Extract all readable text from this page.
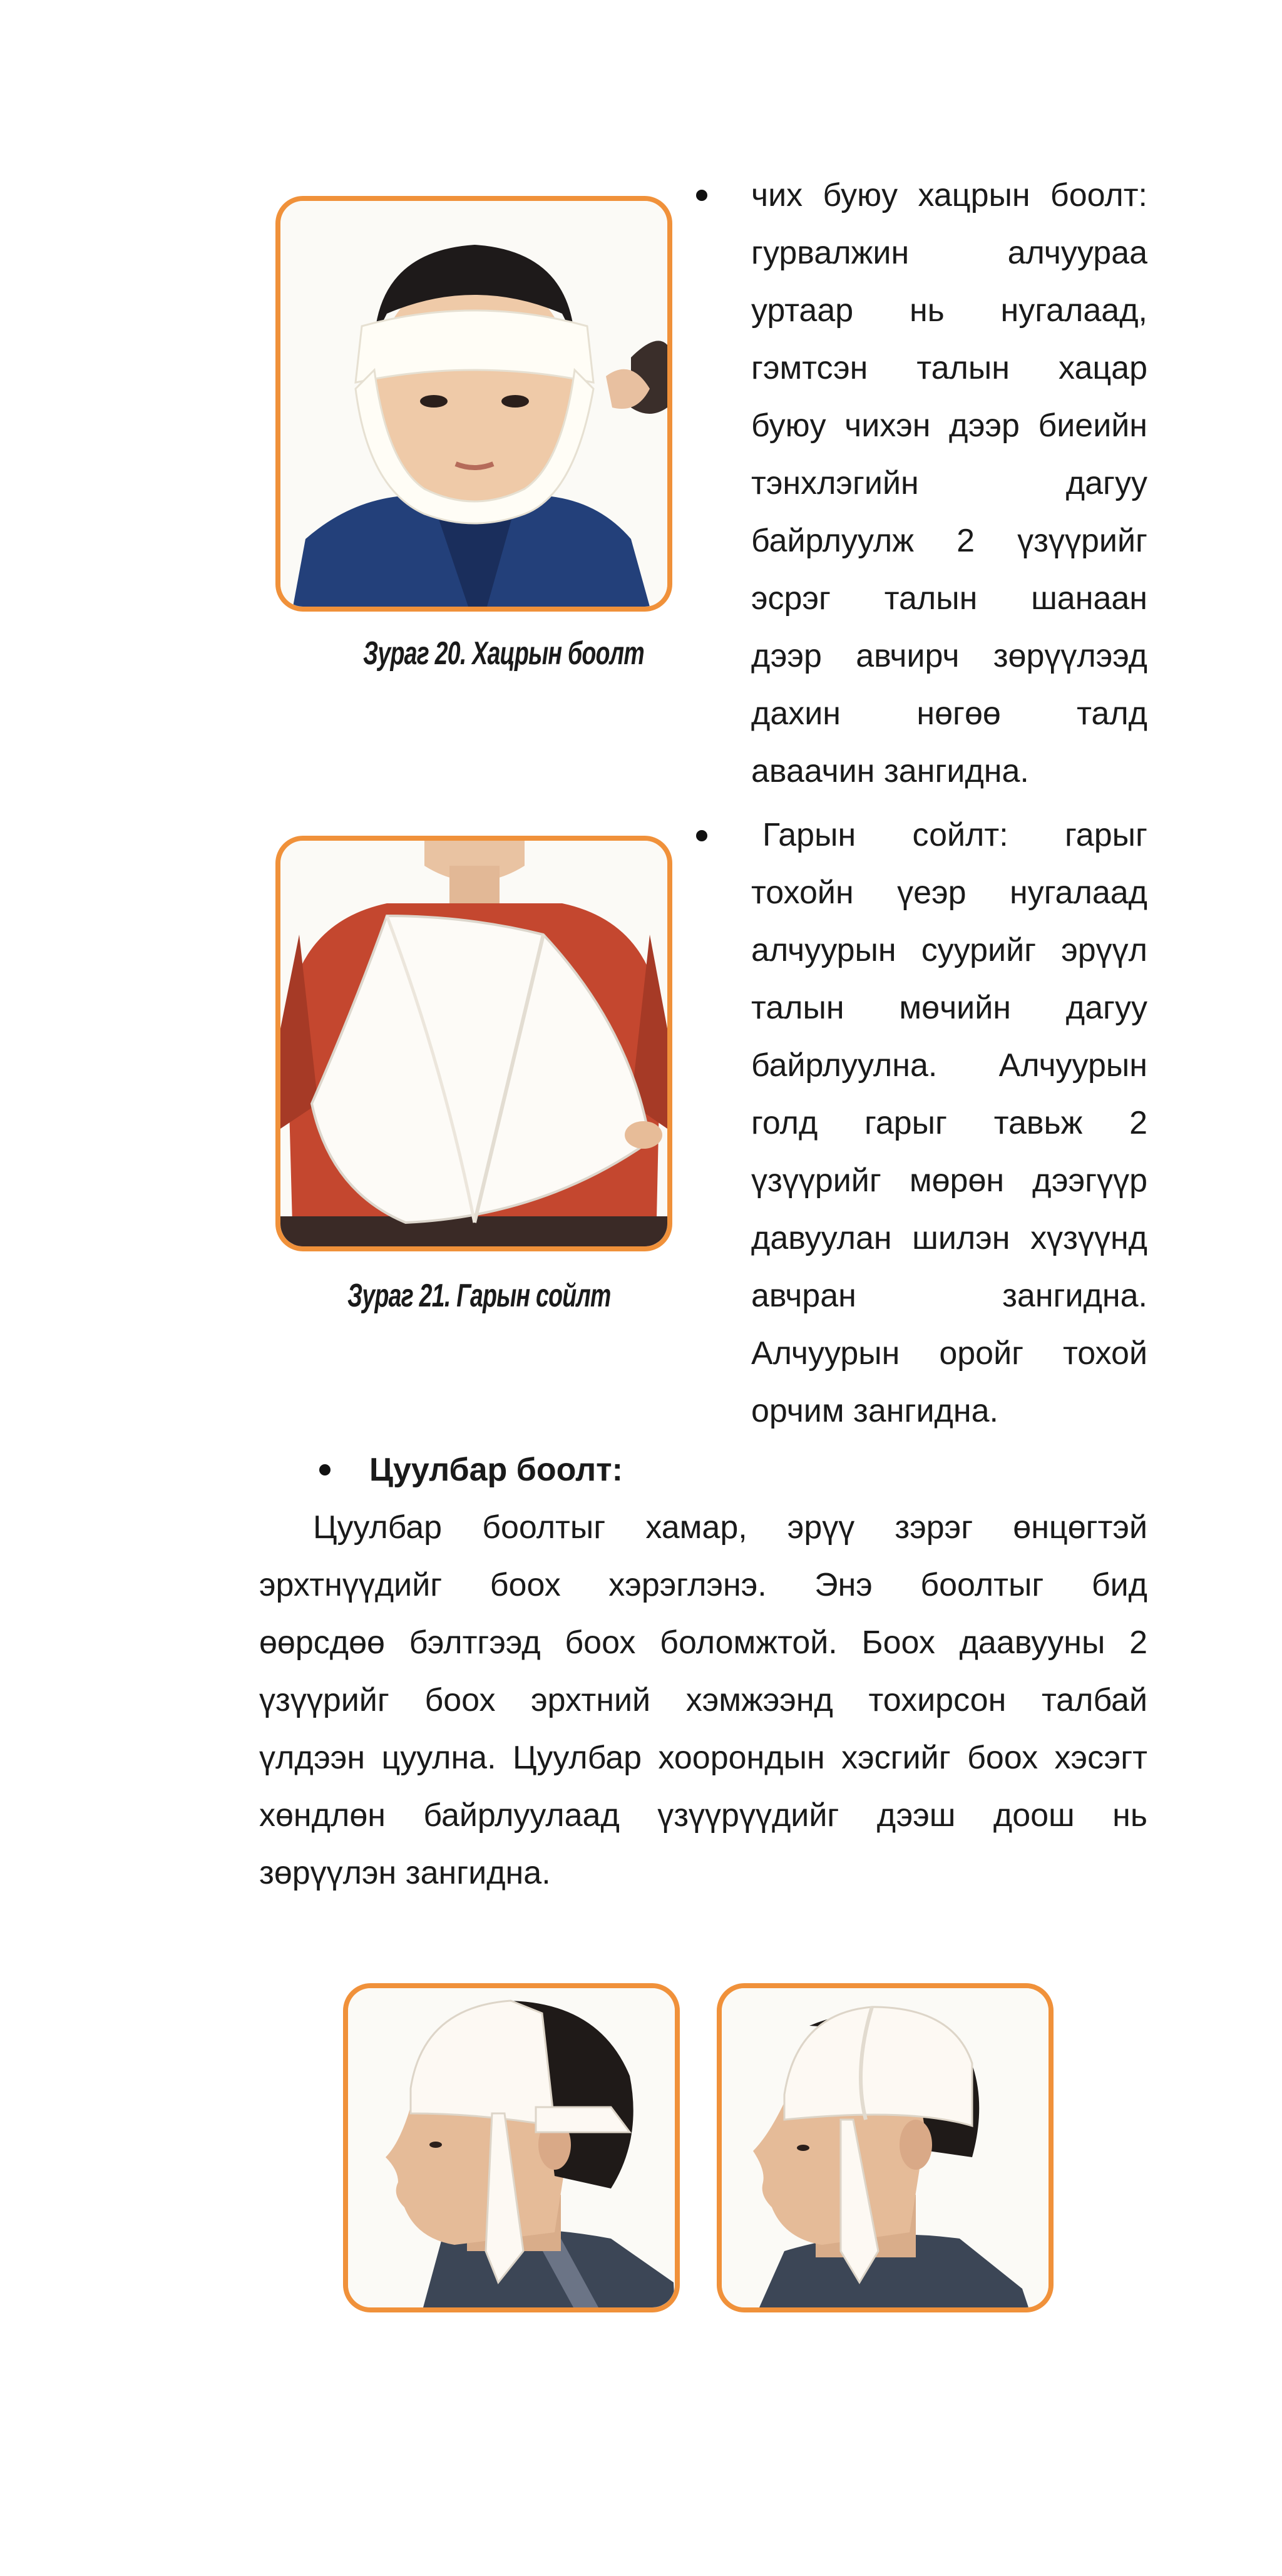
Зураг 20. Хацрын боолт
чих буюу хацрын боолт:
гурвалжин алчуураа
уртаар нь нугалаад,
гэмтсэн талын хацар
буюу чихэн дээр биеийн
тэнхлэгийн дагуу
байрлуулж 2 үзүүрийг
эсрэг талын шанаан
дээр авчирч зөрүүлээд
дахин нөгөө талд
аваачин зангидна.
Зураг 21. Гарын сойлт
Гарын сойлт: гарыг
тохойн үеэр нугалаад
алчуурын суурийг эрүүл
талын мөчийн дагуу
байрлуулна. Алчуурын
голд гарыг тавьж 2
үзүүрийг мөрөн дээгүүр
давуулан шилэн хүзүүнд
авчран зангидна.
Алчуурын оройг тохой
орчим зангидна.
Цуулбар боолт:
Цуулбар боолтыг хамар, эрүү зэрэг өнцөгтэй
эрхтнүүдийг боох хэрэглэнэ. Энэ боолтыг бид
өөрсдөө бэлтгээд боох боломжтой. Боох даавууны 2
үзүүрийг боох эрхтний хэмжээнд тохирсон талбай
үлдээн цуулна. Цуулбар хоорондын хэсгийг боох хэсэгт
хөндлөн байрлуулаад үзүүрүүдийг дээш доош нь
зөрүүлэн зангидна.
